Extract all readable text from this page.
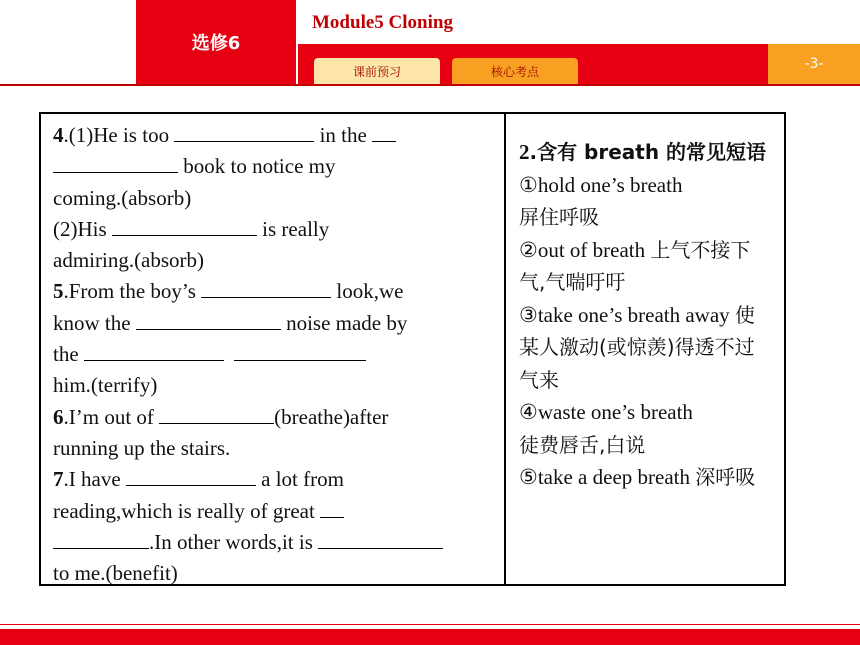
选修6
Module5 Cloning
课前预习	核心考点	-3-

4.(1)He is too	in the

book to notice my

coming.(absorb)

(2)His	is really

admiring.(absorb)

5.From the boy’s	look,we

know the	noise made by

the

him.(terrify)

6.I’m out of	(breathe)after

running up the stairs.

7.I have	a lot from

reading,which is really of great

.In other words,it is

to me.(benefit)

2.含有 breath 的常见短语

①hold one’s breath
屏住呼吸

②out of breath 上气不接下气,气喘吁吁

③take one’s breath away 使某人激动(或惊羡)得透不过气来

④waste one’s breath
徒费唇舌,白说

⑤take a deep breath 深呼吸
